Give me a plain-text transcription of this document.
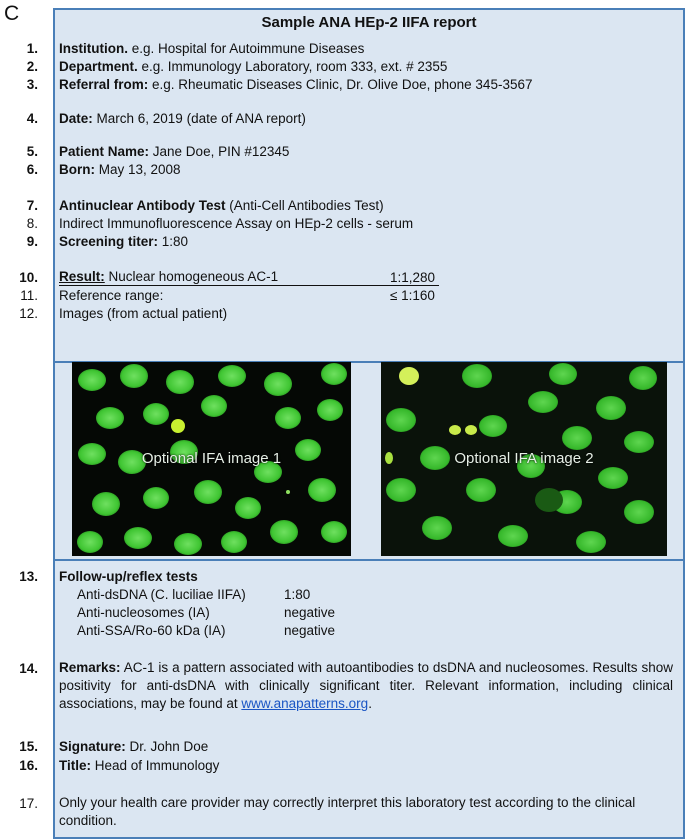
C	Sample ANA HEp-2 IIFA report
1. Institution. e.g. Hospital for Autoimmune Diseases
2. Department. e.g. Immunology Laboratory, room 333, ext. # 2355
3. Referral from: e.g. Rheumatic Diseases Clinic, Dr. Olive Doe, phone 345-3567
4. Date: March 6, 2019 (date of ANA report)
5. Patient Name: Jane Doe, PIN #12345
6. Born: May 13, 2008
7. Antinuclear Antibody Test (Anti-Cell Antibodies Test)
8. Indirect Immunofluorescence Assay on HEp-2 cells - serum
9. Screening titer: 1:80
10. Result: Nuclear homogeneous AC-1	1:1,280
11. Reference range:	≤ 1:160
12. Images (from actual patient)
Optional IFA image 1	Optional IFA image 2
13. Follow-up/reflex tests
Anti-dsDNA (C. luciliae IIFA)	1:80
Anti-nucleosomes (IA)	negative
Anti-SSA/Ro-60 kDa (IA)	negative
14. Remarks: AC-1 is a pattern associated with autoantibodies to dsDNA and nucleosomes. Results show positivity for anti-dsDNA with clinically significant titer. Relevant information, including clinical associations, may be found at www.anapatterns.org.
15. Signature: Dr. John Doe
16. Title: Head of Immunology
17. Only your health care provider may correctly interpret this laboratory test according to the clinical condition.
